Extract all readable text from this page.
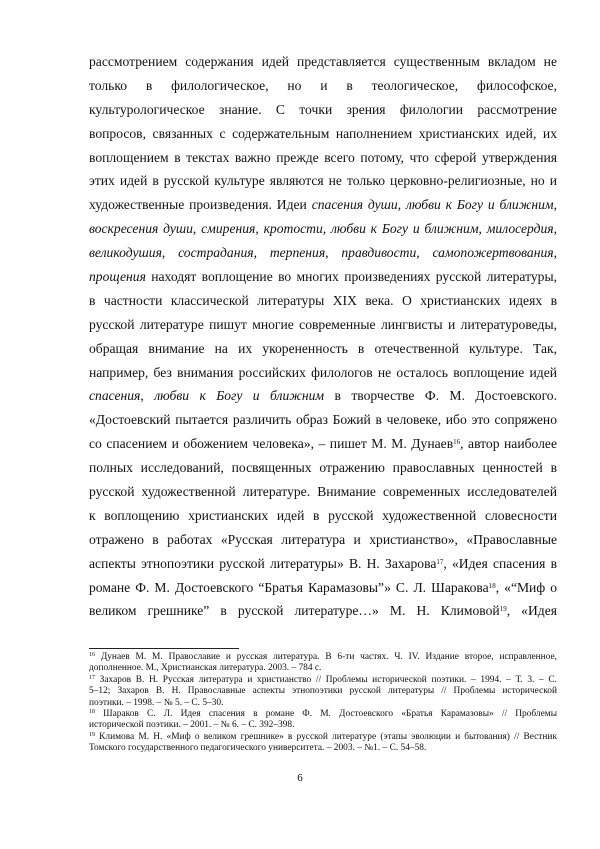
рассмотрением содержания идей представляется существенным вкладом не
только в филологическое, но и в теологическое, философское,
культурологическое знание. С точки зрения филологии рассмотрение
вопросов, связанных с содержательным наполнением христианских идей, их
воплощением в текстах важно прежде всего потому, что сферой утверждения
этих идей в русской культуре являются не только церковно-религиозные, но и
художественные произведения. Идеи спасения души, любви к Богу и ближним,
воскресения души, смирения, кротости, любви к Богу и ближним, милосердия,
великодушия, сострадания, терпения, правдивости, самопожертвования,
прощения находят воплощение во многих произведениях русской литературы,
в частности классической литературы XIX века. О христианских идеях в
русской литературе пишут многие современные лингвисты и литературоведы,
обращая внимание на их укорененность в отечественной культуре. Так,
например, без внимания российских филологов не осталось воплощение идей
спасения, любви к Богу и ближним в творчестве Ф. М. Достоевского.
«Достоевский пытается различить образ Божий в человеке, ибо это сопряжено
со спасением и обожением человека», – пишет М. М. Дунаев$^{16}$, автор наиболее
полных исследований, посвященных отражению православных ценностей в
русской художественной литературе. Внимание современных исследователей
к воплощению христианских идей в русской художественной словесности
отражено в работах «Русская литература и христианство», «Православные
аспекты этнопоэтики русской литературы» В. Н. Захарова$^{17}$, «Идея спасения в
романе Ф. М. Достоевского “Братья Карамазовы”» С. Л. Шаракова$^{18}$, «“Миф о
великом грешнике” в русской литературе…» М. Н. Климовой$^{19}$, «Идея
$^{16}$ Дунаев М. М. Православие и русская литература. В 6-ти частях. Ч. IV. Издание второе, исправленное,
дополненное. М., Христианская литература. 2003. – 784 с.
$^{17}$ Захаров В. Н. Русская литература и христианство // Проблемы исторической поэтики. – 1994. – Т. 3. – С.
5–12; Захаров В. Н. Православные аспекты этнопоэтики русской литературы // Проблемы исторической
поэтики. – 1998. – № 5. – С. 5–30.
$^{18}$ Шараков С. Л. Идея спасения в романе Ф. М. Достоевского «Братья Карамазовы» // Проблемы
исторической поэтики. – 2001. – № 6. – С. 392–398.
$^{19}$ Климова М. Н. «Миф о великом грешнике» в русской литературе (этапы эволюции и бытования) // Вестник
Томского государственного педагогического университета. – 2003. – №1. – С. 54–58.
6
